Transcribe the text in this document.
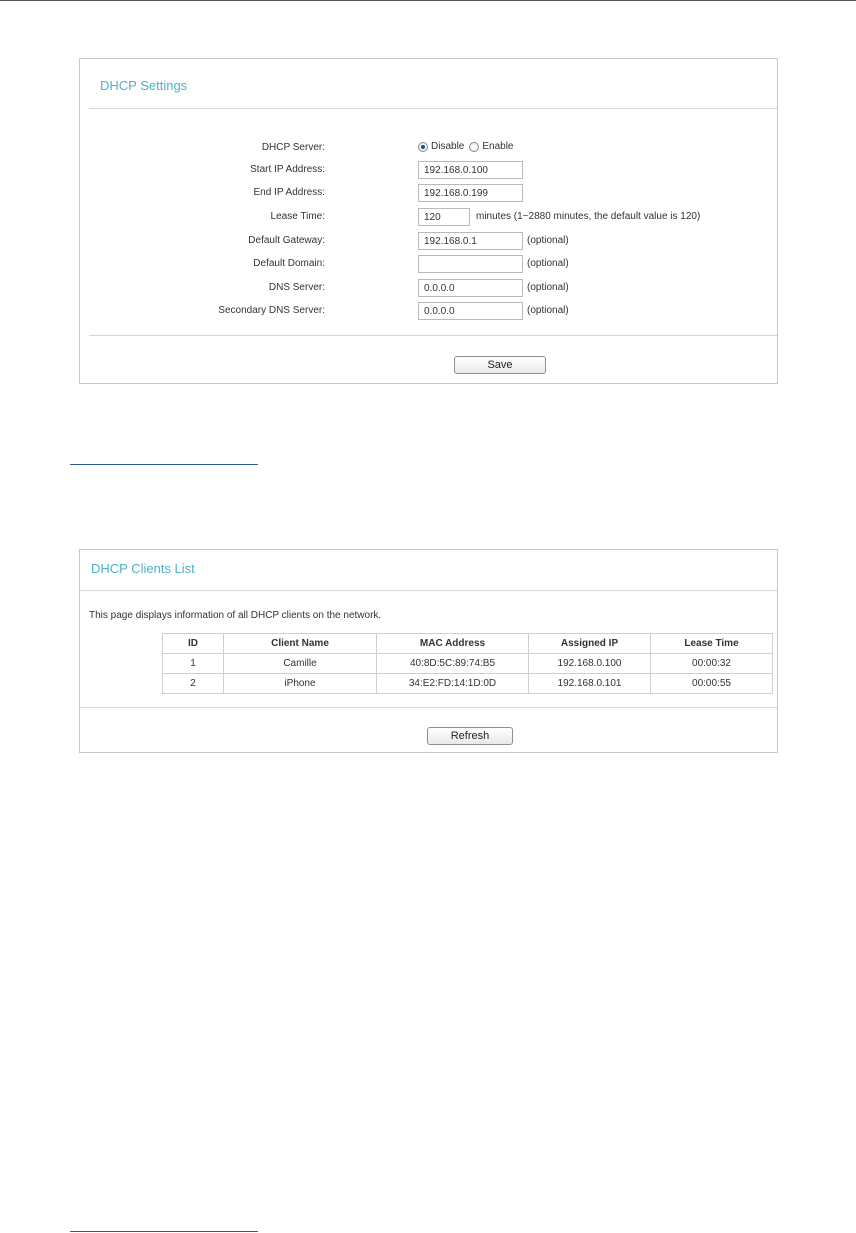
DHCP Settings
DHCP Server:	Disable Enable
Start IP Address:
192.168.0.100
End IP Address:
192.168.0.199
Lease Time:
120	minutes (1~2880 minutes, the default value is 120)
Default Gateway:
192.168.0.1	(optional)
Default Domain:	(optional)
DNS Server:
0.0.0.0	(optional)
Secondary DNS Server:
0.0.0.0	(optional)
Save
DHCP Clients List
This page displays information of all DHCP clients on the network.
ID	Client Name	MAC Address	Assigned IP	Lease Time
1	Camille	40:8D:5C:89:74:B5	192.168.0.100	00:00:32
2	iPhone	34:E2:FD:14:1D:0D	192.168.0.101	00:00:55
Refresh
